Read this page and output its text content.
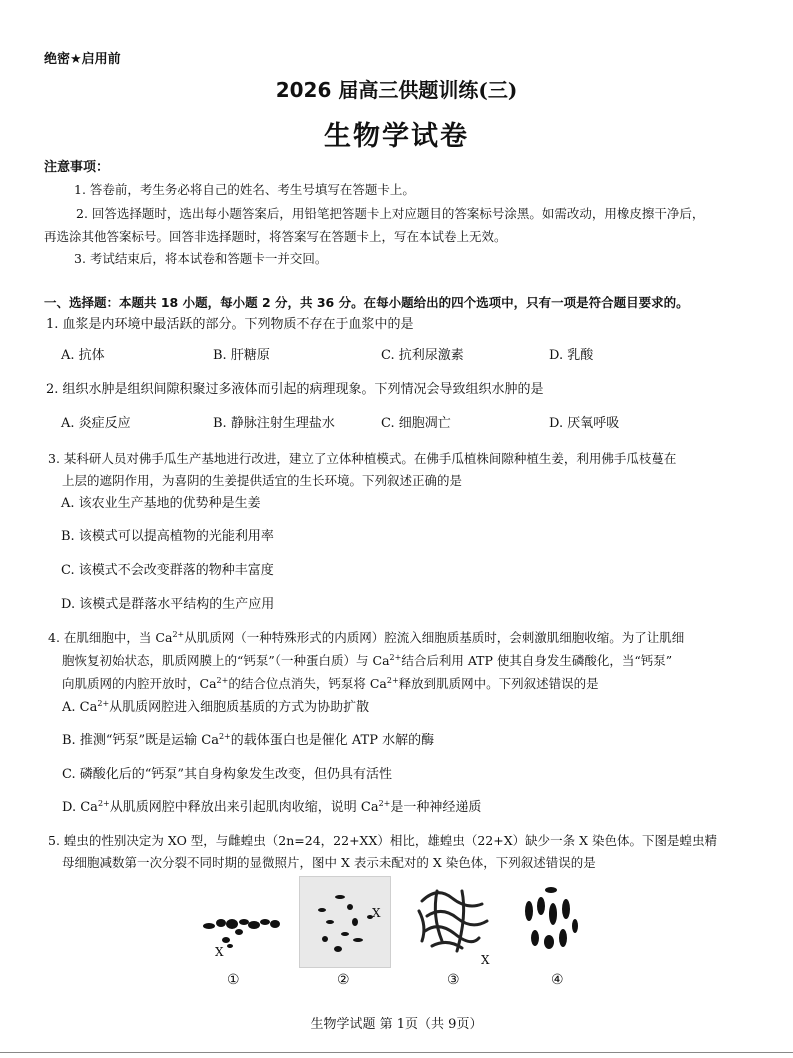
绝密★启用前
2026 届高三供题训练(三)
生物学试卷
注意事项：
1. 答卷前，考生务必将自己的姓名、考生号填写在答题卡上。
2. 回答选择题时，选出每小题答案后，用铅笔把答题卡上对应题目的答案标号涂黑。如需改动，用橡皮擦干净后，
再选涂其他答案标号。回答非选择题时，将答案写在答题卡上，写在本试卷上无效。
3. 考试结束后，将本试卷和答题卡一并交回。
一、选择题：本题共 18 小题，每小题 2 分，共 36 分。在每小题给出的四个选项中，只有一项是符合题目要求的。
1. 血浆是内环境中最活跃的部分。下列物质不存在于血浆中的是
A. 抗体	B. 肝糖原	C. 抗利尿激素	D. 乳酸
2. 组织水肿是组织间隙积聚过多液体而引起的病理现象。下列情况会导致组织水肿的是
A. 炎症反应	B. 静脉注射生理盐水	C. 细胞凋亡	D. 厌氧呼吸
3. 某科研人员对佛手瓜生产基地进行改进，建立了立体种植模式。在佛手瓜植株间隙种植生姜，利用佛手瓜枝蔓在
上层的遮阴作用，为喜阴的生姜提供适宜的生长环境。下列叙述正确的是
A. 该农业生产基地的优势种是生姜
B. 该模式可以提高植物的光能利用率
C. 该模式不会改变群落的物种丰富度
D. 该模式是群落水平结构的生产应用
4. 在肌细胞中，当 $Ca^{2+}$从肌质网（一种特殊形式的内质网）腔流入细胞质基质时，会刺激肌细胞收缩。为了让肌细
胞恢复初始状态，肌质网膜上的“钙泵”（一种蛋白质）与 $Ca^{2+}$结合后利用 ATP 使其自身发生磷酸化，当“钙泵”
向肌质网的内腔开放时，$Ca^{2+}$的结合位点消失，钙泵将 $Ca^{2+}$释放到肌质网中。下列叙述错误的是
A. $Ca^{2+}$从肌质网腔进入细胞质基质的方式为协助扩散
B. 推测“钙泵”既是运输 $Ca^{2+}$的载体蛋白也是催化 ATP 水解的酶
C. 磷酸化后的“钙泵”其自身构象发生改变，但仍具有活性
D. $Ca^{2+}$从肌质网腔中释放出来引起肌肉收缩，说明 $Ca^{2+}$是一种神经递质
5. 蝗虫的性别决定为 XO 型，与雌蝗虫（2n=24，22+XX）相比，雄蝗虫（22+X）缺少一条 X 染色体。下图是蝗虫精
母细胞减数第一次分裂不同时期的显微照片，图中 X 表示未配对的 X 染色体，下列叙述错误的是
X
X
X
①	②	③	④
生物学试题 第 1页（共 9页）
